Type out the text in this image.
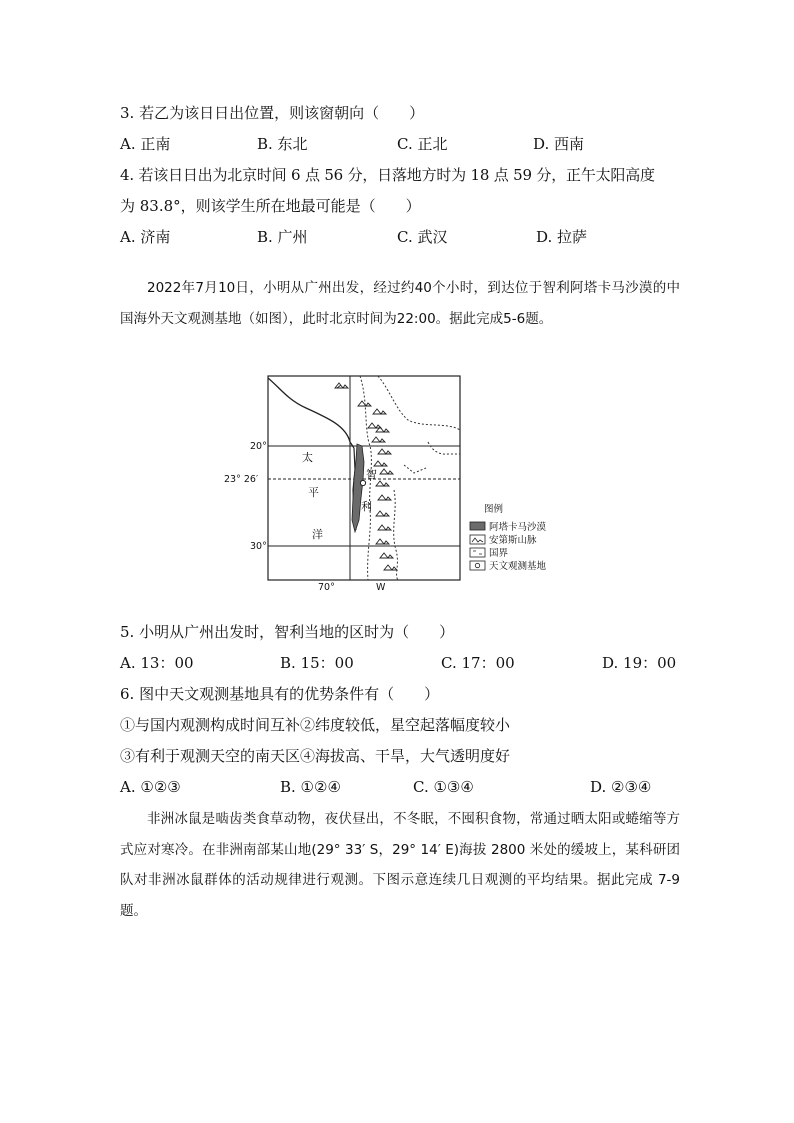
3. 若乙为该日日出位置，则该窗朝向（　　）
A. 正南	B. 东北	C. 正北	D. 西南
4. 若该日日出为北京时间 6 点 56 分，日落地方时为 18 点 59 分，正午太阳高度
为 83.8°，则该学生所在地最可能是（　　）
A. 济南	B. 广州	C. 武汉	D. 拉萨
2022年7月10日，小明从广州出发，经过约40个小时，到达位于智利阿塔卡马沙漠的中国海外天文观测基地（如图），此时北京时间为22:00。据此完成5-6题。
20°
23° 26′
30°
70°	W
太
平
洋
智
利	图例
阿塔卡马沙漠
安第斯山脉
国界
天文观测基地
5. 小明从广州出发时，智利当地的区时为（　　）
A. 13：00	B. 15：00	C. 17：00	D. 19：00
6. 图中天文观测基地具有的优势条件有（　　）
①与国内观测构成时间互补②纬度较低，星空起落幅度较小
③有利于观测天空的南天区④海拔高、干旱，大气透明度好
A. ①②③	B. ①②④	C. ①③④	D. ②③④
非洲冰鼠是啮齿类食草动物，夜伏昼出，不冬眠，不囤积食物，常通过晒太阳或蜷缩等方式应对寒冷。在非洲南部某山地(29° 33′ S，29° 14′ E)海拔 2800 米处的缓坡上，某科研团队对非洲冰鼠群体的活动规律进行观测。下图示意连续几日观测的平均结果。据此完成 7-9 题。
